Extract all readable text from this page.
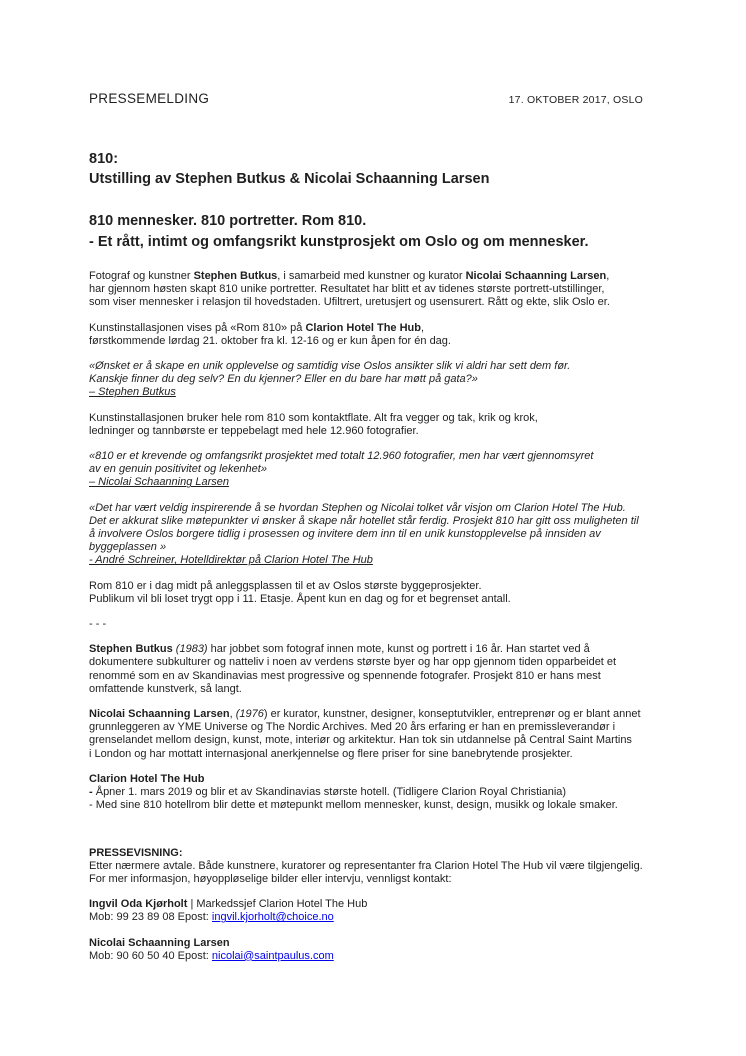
PRESSEMELDING	17. OKTOBER 2017, OSLO
810:
Utstilling av Stephen Butkus & Nicolai Schaanning Larsen
810 mennesker. 810 portretter. Rom 810.
- Et rått, intimt og omfangsrikt kunstprosjekt om Oslo og om mennesker.

Fotograf og kunstner Stephen Butkus, i samarbeid med kunstner og kurator Nicolai Schaanning Larsen,
har gjennom høsten skapt 810 unike portretter. Resultatet har blitt et av tidenes største portrett-utstillinger,
som viser mennesker i relasjon til hovedstaden. Ufiltrert, uretusjert og usensurert. Rått og ekte, slik Oslo er.

Kunstinstallasjonen vises på «Rom 810» på Clarion Hotel The Hub,
førstkommende lørdag 21. oktober fra kl. 12-16 og er kun åpen for én dag.

«Ønsket er å skape en unik opplevelse og samtidig vise Oslos ansikter slik vi aldri har sett dem før.
Kanskje finner du deg selv? En du kjenner? Eller en du bare har møtt på gata?»
– Stephen Butkus

Kunstinstallasjonen bruker hele rom 810 som kontaktflate. Alt fra vegger og tak, krik og krok,
ledninger og tannbørste er teppebelagt med hele 12.960 fotografier.

«810 er et krevende og omfangsrikt prosjektet med totalt 12.960 fotografier, men har vært gjennomsyret
av en genuin positivitet og lekenhet»
– Nicolai Schaanning Larsen

«Det har vært veldig inspirerende å se hvordan Stephen og Nicolai tolket vår visjon om Clarion Hotel The Hub.
Det er akkurat slike møtepunkter vi ønsker å skape når hotellet står ferdig. Prosjekt 810 har gitt oss muligheten til
å involvere Oslos borgere tidlig i prosessen og invitere dem inn til en unik kunstopplevelse på innsiden av
byggeplassen »
- André Schreiner, Hotelldirektør på Clarion Hotel The Hub

Rom 810 er i dag midt på anleggsplassen til et av Oslos største byggeprosjekter.
Publikum vil bli loset trygt opp i 11. Etasje. Åpent kun en dag og for et begrenset antall.

- - -

Stephen Butkus (1983) har jobbet som fotograf innen mote, kunst og portrett i 16 år. Han startet ved å
dokumentere subkulturer og natteliv i noen av verdens største byer og har opp gjennom tiden opparbeidet et
renommé som en av Skandinavias mest progressive og spennende fotografer. Prosjekt 810 er hans mest
omfattende kunstverk, så langt.

Nicolai Schaanning Larsen, (1976) er kurator, kunstner, designer, konseptutvikler, entreprenør og er blant annet
grunnleggeren av YME Universe og The Nordic Archives. Med 20 års erfaring er han en premissleverandør i
grenselandet mellom design, kunst, mote, interiør og arkitektur. Han tok sin utdannelse på Central Saint Martins
i London og har mottatt internasjonal anerkjennelse og flere priser for sine banebrytende prosjekter.

Clarion Hotel The Hub
- Åpner 1. mars 2019 og blir et av Skandinavias største hotell. (Tidligere Clarion Royal Christiania)
- Med sine 810 hotellrom blir dette et møtepunkt mellom mennesker, kunst, design, musikk og lokale smaker.

PRESSEVISNING:
Etter nærmere avtale. Både kunstnere, kuratorer og representanter fra Clarion Hotel The Hub vil være tilgjengelig.
For mer informasjon, høyoppløselige bilder eller intervju, vennligst kontakt:

Ingvil Oda Kjørholt | Markedssjef Clarion Hotel The Hub
Mob: 99 23 89 08 Epost: ingvil.kjorholt@choice.no

Nicolai Schaanning Larsen
Mob: 90 60 50 40 Epost: nicolai@saintpaulus.com
